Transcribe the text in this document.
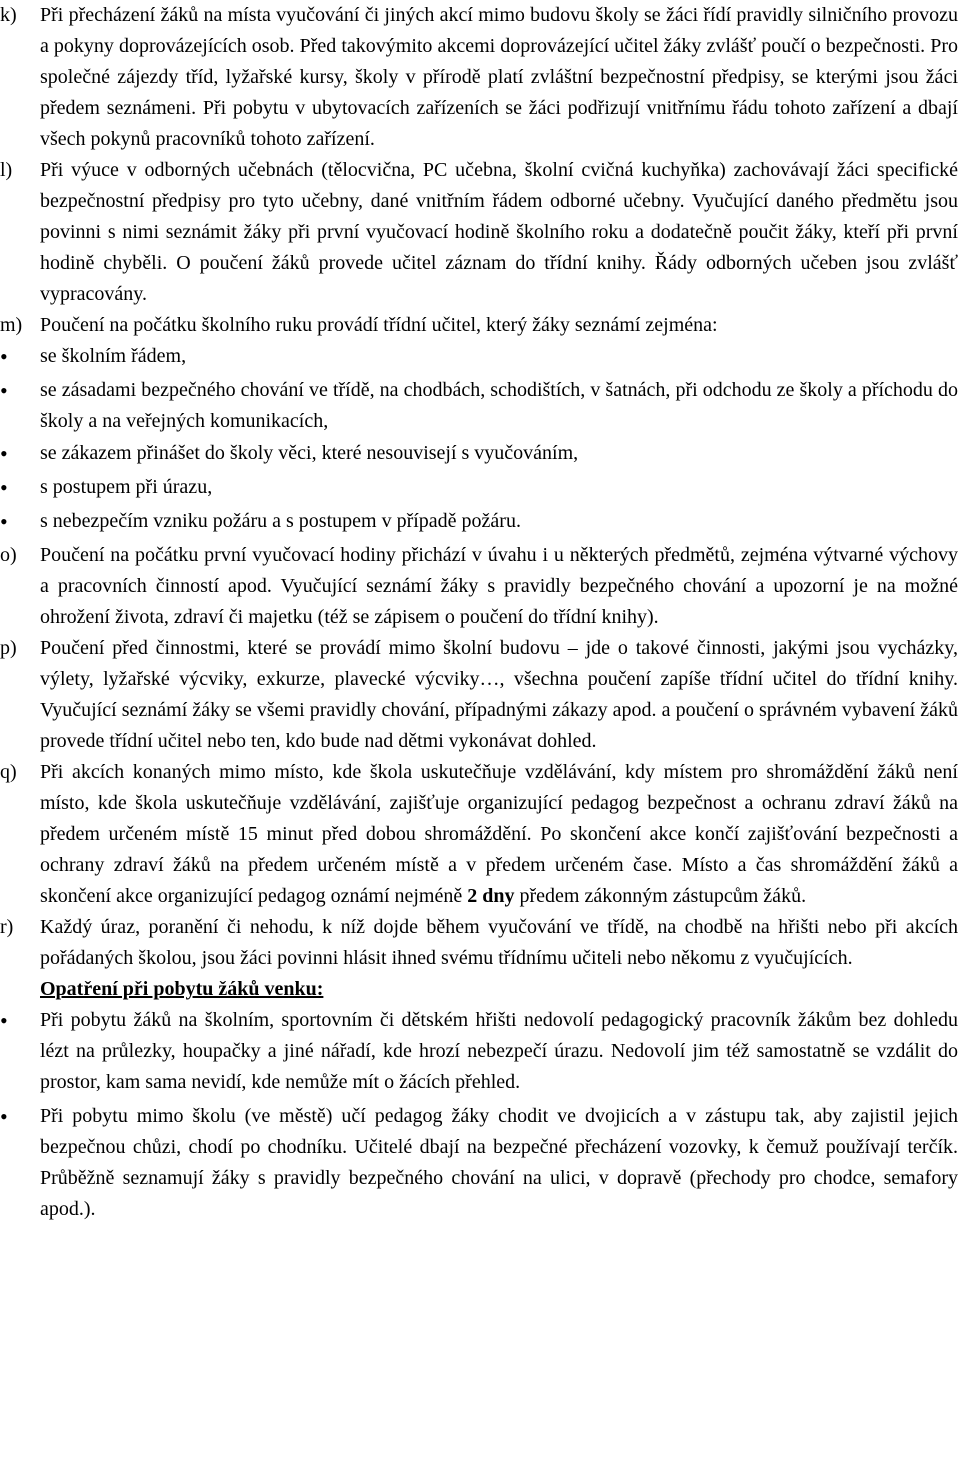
k)	Při přecházení žáků na místa vyučování či jiných akcí mimo budovu školy se žáci řídí pravidly silničního provozu a pokyny doprovázejících osob. Před takovýmito akcemi doprovázející učitel žáky zvlášť poučí o bezpečnosti. Pro společné zájezdy tříd, lyžařské kursy, školy v přírodě platí zvláštní bezpečnostní předpisy, se kterými jsou žáci předem seznámeni. Při pobytu v ubytovacích zařízeních se žáci podřizují vnitřnímu řádu tohoto zařízení a dbají všech pokynů pracovníků tohoto zařízení.
l)	Při výuce v odborných učebnách (tělocvična, PC učebna, školní cvičná kuchyňka) zachovávají žáci specifické bezpečnostní předpisy pro tyto učebny, dané vnitřním řádem odborné učebny. Vyučující daného předmětu jsou povinni s nimi seznámit žáky při první vyučovací hodině školního roku a dodatečně poučit žáky, kteří při první hodině chyběli. O poučení žáků provede učitel záznam do třídní knihy. Řády odborných učeben jsou zvlášť vypracovány.
m) Poučení na počátku školního ruku provádí třídní učitel, který žáky seznámí zejména:
•
se školním řádem,
•
se zásadami bezpečného chování ve třídě, na chodbách, schodištích, v šatnách, při odchodu ze školy a příchodu do školy a na veřejných komunikacích,
•
se zákazem přinášet do školy věci, které nesouvisejí s vyučováním,
•
s postupem při úrazu,
•
s nebezpečím vzniku požáru a s postupem v případě požáru.
o)	Poučení na počátku první vyučovací hodiny přichází v úvahu i u některých předmětů, zejména výtvarné výchovy a pracovních činností apod. Vyučující seznámí žáky s pravidly bezpečného chování a upozorní je na možné ohrožení života, zdraví či majetku (též se zápisem o poučení do třídní knihy).
p)	Poučení před činnostmi, které se provádí mimo školní budovu – jde o takové činnosti, jakými jsou vycházky, výlety, lyžařské výcviky, exkurze, plavecké výcviky…, všechna poučení zapíše třídní učitel do třídní knihy. Vyučující seznámí žáky se všemi pravidly chování, případnými zákazy apod. a poučení o správném vybavení žáků provede třídní učitel nebo ten, kdo bude nad dětmi vykonávat dohled.
q)	Při akcích konaných mimo místo, kde škola uskutečňuje vzdělávání, kdy místem pro shromáždění žáků není místo, kde škola uskutečňuje vzdělávání, zajišťuje organizující pedagog bezpečnost a ochranu zdraví žáků na předem určeném místě 15 minut před dobou shromáždění. Po skončení akce končí zajišťování bezpečnosti a ochrany zdraví žáků na předem určeném místě a v předem určeném čase. Místo a čas shromáždění žáků a skončení akce organizující pedagog oznámí nejméně 2 dny předem zákonným zástupcům žáků.
r)	Každý úraz, poranění či nehodu, k níž dojde během vyučování ve třídě, na chodbě na hřišti nebo při akcích pořádaných školou, jsou žáci povinni hlásit ihned svému třídnímu učiteli nebo někomu z vyučujících.
Opatření při pobytu žáků venku:
•
Při pobytu žáků na školním, sportovním či dětském hřišti nedovolí pedagogický pracovník žákům bez dohledu lézt na průlezky, houpačky a jiné nářadí, kde hrozí nebezpečí úrazu. Nedovolí jim též samostatně se vzdálit do prostor, kam sama nevidí, kde nemůže mít o žácích přehled.
•
Při pobytu mimo školu (ve městě) učí pedagog žáky chodit ve dvojicích a v zástupu tak, aby zajistil jejich bezpečnou chůzi, chodí po chodníku. Učitelé dbají na bezpečné přecházení vozovky, k čemuž používají terčík. Průběžně seznamují žáky s pravidly bezpečného chování na ulici, v dopravě (přechody pro chodce, semafory apod.).
